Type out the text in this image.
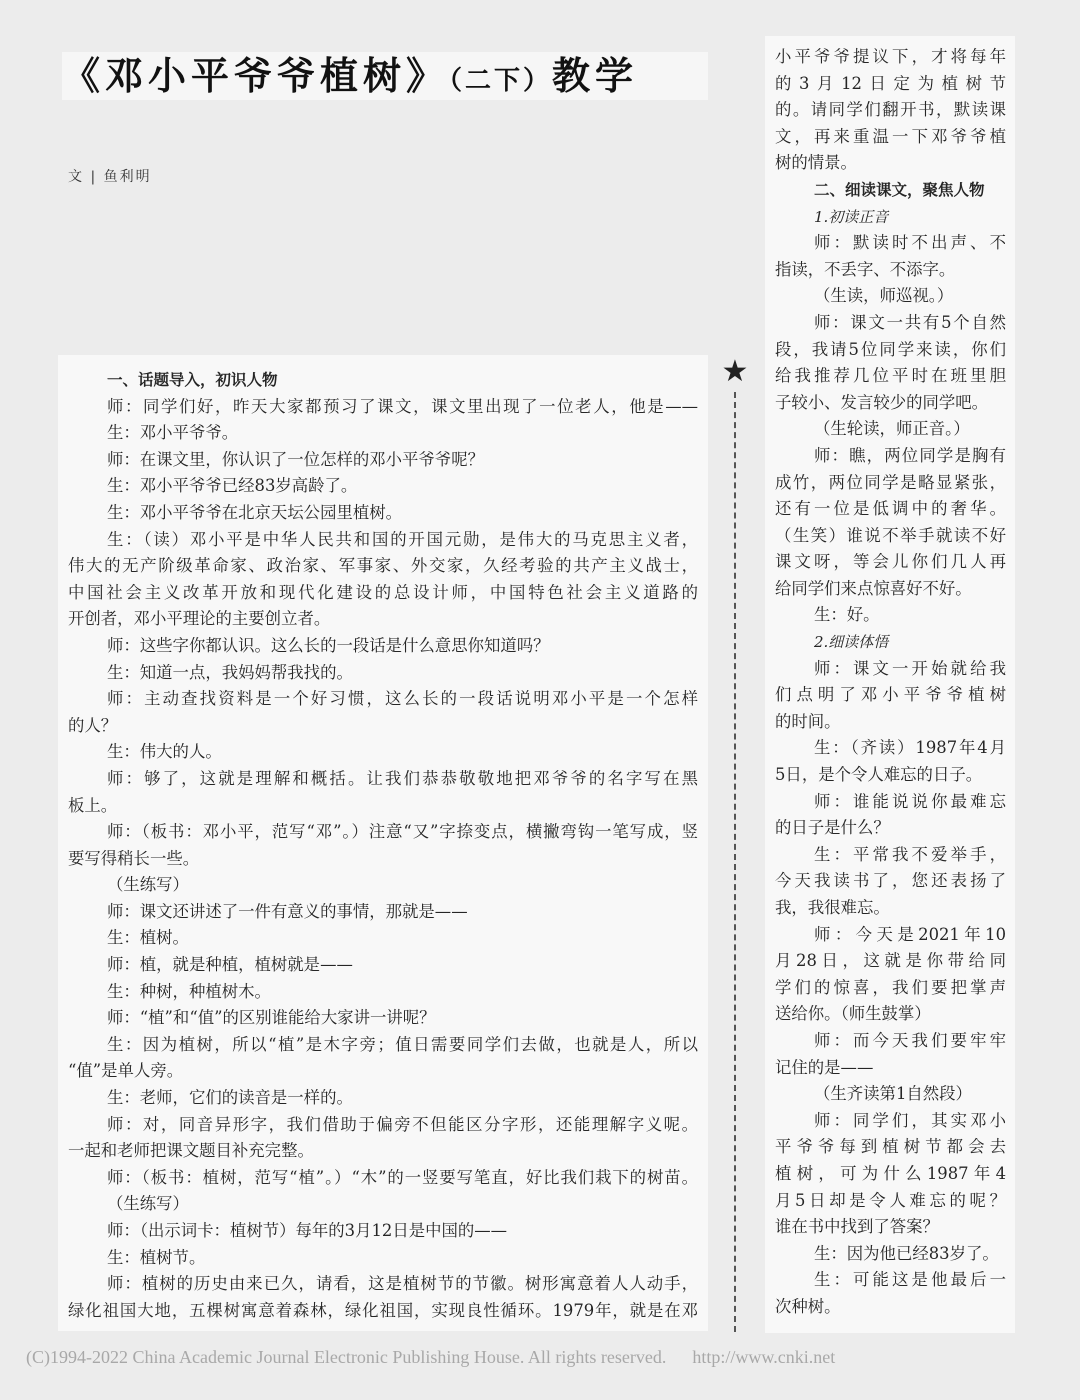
《邓小平爷爷植树》（二下）教学
文 | 鱼利明

一、话题导入，初识人物

师：同学们好，昨天大家都预习了课文，课文里出现了一位老人，他是——

生：邓小平爷爷。

师：在课文里，你认识了一位怎样的邓小平爷爷呢？

生：邓小平爷爷已经83岁高龄了。

生：邓小平爷爷在北京天坛公园里植树。

生：（读）邓小平是中华人民共和国的开国元勋，是伟大的马克思主义者，

伟大的无产阶级革命家、政治家、军事家、外交家，久经考验的共产主义战士，

中国社会主义改革开放和现代化建设的总设计师，中国特色社会主义道路的

开创者，邓小平理论的主要创立者。

师：这些字你都认识。这么长的一段话是什么意思你知道吗？

生：知道一点，我妈妈帮我找的。

师：主动查找资料是一个好习惯，这么长的一段话说明邓小平是一个怎样

的人？

生：伟大的人。

师：够了，这就是理解和概括。让我们恭恭敬敬地把邓爷爷的名字写在黑

板上。

师：（板书：邓小平，范写“邓”。）注意“又”字捺变点，横撇弯钩一笔写成，竖

要写得稍长一些。

（生练写）

师：课文还讲述了一件有意义的事情，那就是——

生：植树。

师：植，就是种植，植树就是——

生：种树，种植树木。

师：“植”和“值”的区别谁能给大家讲一讲呢？

生：因为植树，所以“植”是木字旁；值日需要同学们去做，也就是人，所以

“值”是单人旁。

生：老师，它们的读音是一样的。

师：对，同音异形字，我们借助于偏旁不但能区分字形，还能理解字义呢。

一起和老师把课文题目补充完整。

师：（板书：植树，范写“植”。）“木”的一竖要写笔直，好比我们栽下的树苗。

（生练写）

师：（出示词卡：植树节）每年的3月12日是中国的——

生：植树节。

师：植树的历史由来已久，请看，这是植树节的节徽。树形寓意着人人动手，

绿化祖国大地，五棵树寓意着森林，绿化祖国，实现良性循环。1979年，就是在邓

★

小平爷爷提议下，才将每年

的3月12日定为植树节

的。请同学们翻开书，默读课

文，再来重温一下邓爷爷植

树的情景。

二、细读课文，聚焦人物

1.初读正音

师：默读时不出声、不

指读，不丢字、不添字。

（生读，师巡视。）

师：课文一共有5个自然

段，我请5位同学来读，你们

给我推荐几位平时在班里胆

子较小、发言较少的同学吧。

（生轮读，师正音。）

师：瞧，两位同学是胸有

成竹，两位同学是略显紧张，

还有一位是低调中的奢华。

（生笑）谁说不举手就读不好

课文呀，等会儿你们几人再

给同学们来点惊喜好不好。

生：好。

2.细读体悟

师：课文一开始就给我

们点明了邓小平爷爷植树

的时间。

生：（齐读）1987年4月

5日，是个令人难忘的日子。

师：谁能说说你最难忘

的日子是什么？

生：平常我不爱举手，

今天我读书了，您还表扬了

我，我很难忘。

师：今天是2021年10

月28日，这就是你带给同

学们的惊喜，我们要把掌声

送给你。（师生鼓掌）

师：而今天我们要牢牢

记住的是——

（生齐读第1自然段）

师：同学们，其实邓小

平爷爷每到植树节都会去

植树，可为什么1987年4

月5日却是令人难忘的呢？

谁在书中找到了答案？

生：因为他已经83岁了。

生：可能这是他最后一

次种树。

(C)1994-2022 China Academic Journal Electronic Publishing House. All rights reserved. http://www.cnki.net
